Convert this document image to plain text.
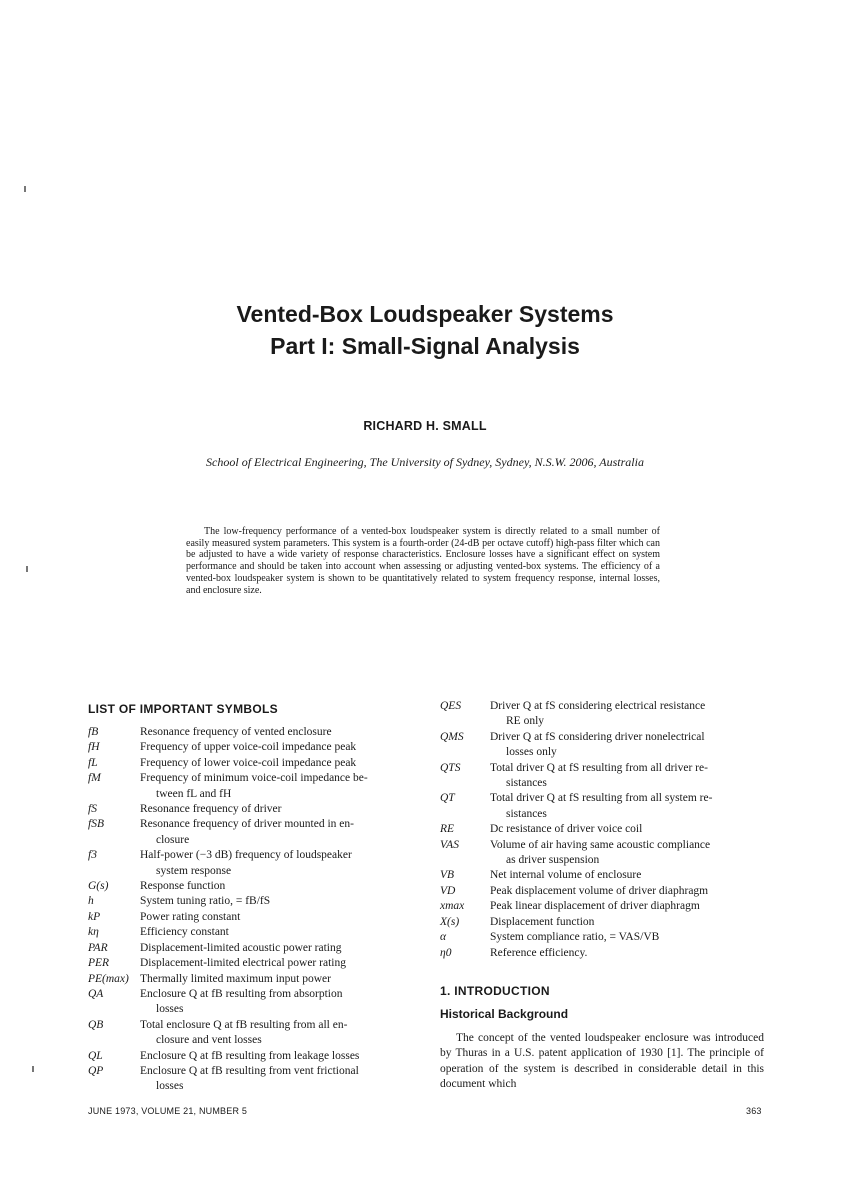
Vented-Box Loudspeaker Systems
Part I: Small-Signal Analysis
RICHARD H. SMALL
School of Electrical Engineering, The University of Sydney, Sydney, N.S.W. 2006, Australia

The low-frequency performance of a vented-box loudspeaker system is directly related to a small number of easily measured system parameters. This system is a fourth-order (24-dB per octave cutoff) high-pass filter which can be adjusted to have a wide variety of response characteristics. Enclosure losses have a significant effect on system performance and should be taken into account when assessing or adjusting vented-box systems. The efficiency of a vented-box loudspeaker system is shown to be quantitatively related to system frequency response, internal losses, and enclosure size.

LIST OF IMPORTANT SYMBOLS
fB	Resonance frequency of vented enclosure
fH	Frequency of upper voice-coil impedance peak
fL	Frequency of lower voice-coil impedance peak
fM	Frequency of minimum voice-coil impedance be-
tween fL and fH
fS	Resonance frequency of driver
fSB	Resonance frequency of driver mounted in en-
closure
f3	Half-power (−3 dB) frequency of loudspeaker
system response
G(s)	Response function
h	System tuning ratio, = fB/fS
kP	Power rating constant
kη	Efficiency constant
PAR	Displacement-limited acoustic power rating
PER	Displacement-limited electrical power rating
PE(max) Thermally limited maximum input power
QA	Enclosure Q at fB resulting from absorption
losses
QB	Total enclosure Q at fB resulting from all en-
closure and vent losses
QL	Enclosure Q at fB resulting from leakage losses
QP	Enclosure Q at fB resulting from vent frictional
losses
QES	Driver Q at fS considering electrical resistance
RE only
QMS	Driver Q at fS considering driver nonelectrical
losses only
QTS	Total driver Q at fS resulting from all driver re-
sistances
QT	Total driver Q at fS resulting from all system re-
sistances
RE	Dc resistance of driver voice coil
VAS	Volume of air having same acoustic compliance
as driver suspension
VB	Net internal volume of enclosure
VD	Peak displacement volume of driver diaphragm
xmax	Peak linear displacement of driver diaphragm
X(s)	Displacement function
α	System compliance ratio, = VAS/VB
η0	Reference efficiency.
1. INTRODUCTION
Historical Background

The concept of the vented loudspeaker enclosure was introduced by Thuras in a U.S. patent application of 1930 [1]. The principle of operation of the system is described in considerable detail in this document which

JUNE 1973, VOLUME 21, NUMBER 5	363
